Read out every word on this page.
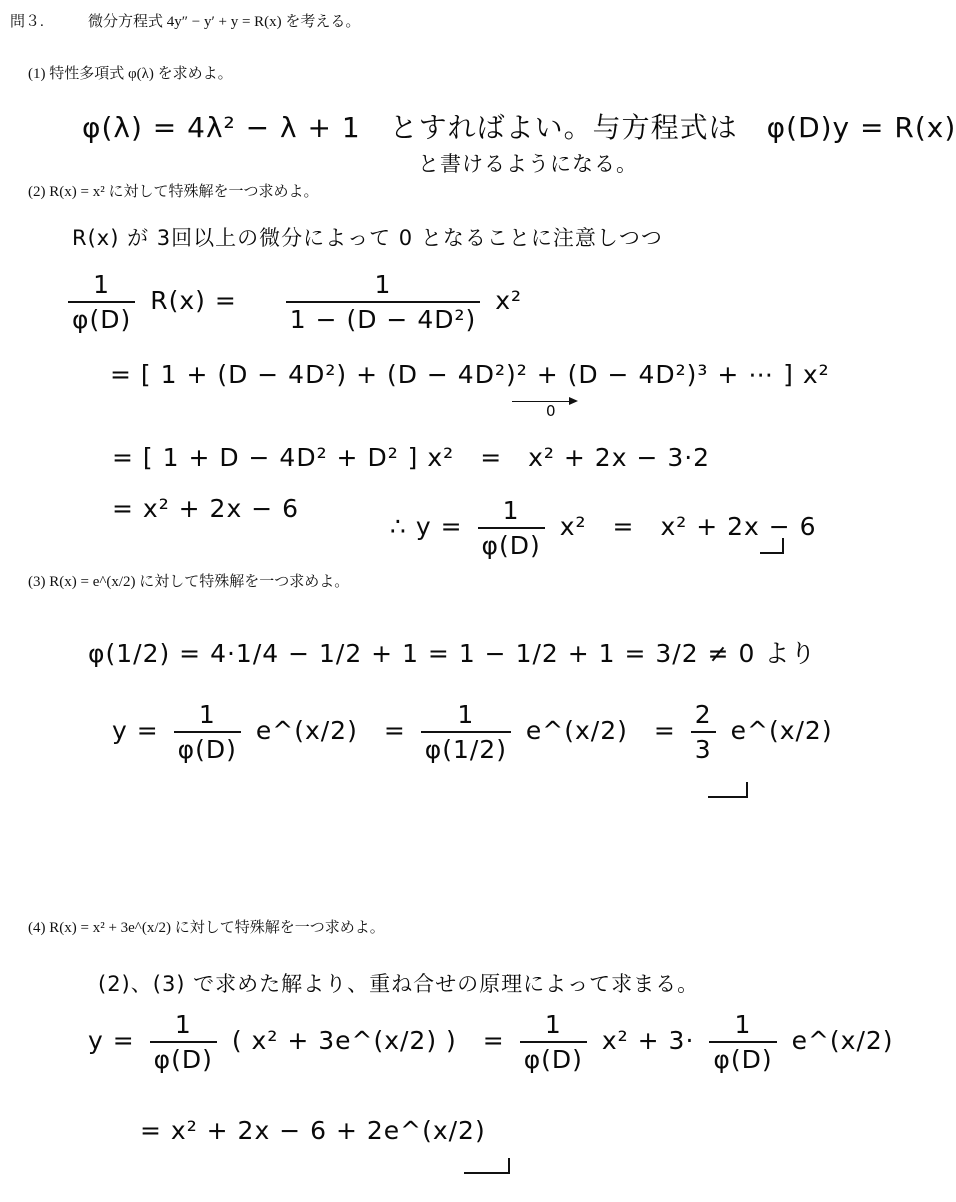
問３.	微分方程式 4y″ − y′ + y = R(x) を考える。
(1) 特性多項式 φ(λ) を求めよ。
φ(λ) = 4λ² − λ + 1　とすればよい。与方程式は　φ(D)y = R(x)
と書けるようになる。
(2) R(x) = x² に対して特殊解を一つ求めよ。
R(x) が 3回以上の微分によって 0 となることに注意しつつ
$\frac{1}{\varphi(D)} R(x) = \frac{1}{\text{1 − (D − 4D²)}} x^2$
= [ 1 + (D − 4D²) + (D − 4D²)² + (D − 4D²)³ + ⋯ ] x²
0
= [ 1 + D − 4D² + D² ] x²　=　x² + 2x − 3·2
= x² + 2x − 6
∴ $y = \frac{1}{\varphi(D)} x^2$　=　x² + 2x − 6
(3) R(x) = e^(x/2) に対して特殊解を一つ求めよ。
φ(1/2) = 4·1/4 − 1/2 + 1 = 1 − 1/2 + 1 = 3/2 ≠ 0 より
$y = \frac{1}{\varphi(D)}$ e^(x/2)　= $\frac{1}{\varphi(1/2)}$ e^(x/2)　= $\frac{2}{3}$ e^(x/2)
(4) R(x) = x² + 3e^(x/2) に対して特殊解を一つ求めよ。
(2)、(3) で求めた解より、重ね合せの原理によって求まる。
$y = \frac{1}{\varphi(D)}$ ( x² + 3e^(x/2) )　= $\frac{1}{\varphi(D)} x^2 + 3\cdot \frac{1}{\varphi(D)}$ e^(x/2)
= x² + 2x − 6 + 2e^(x/2)
